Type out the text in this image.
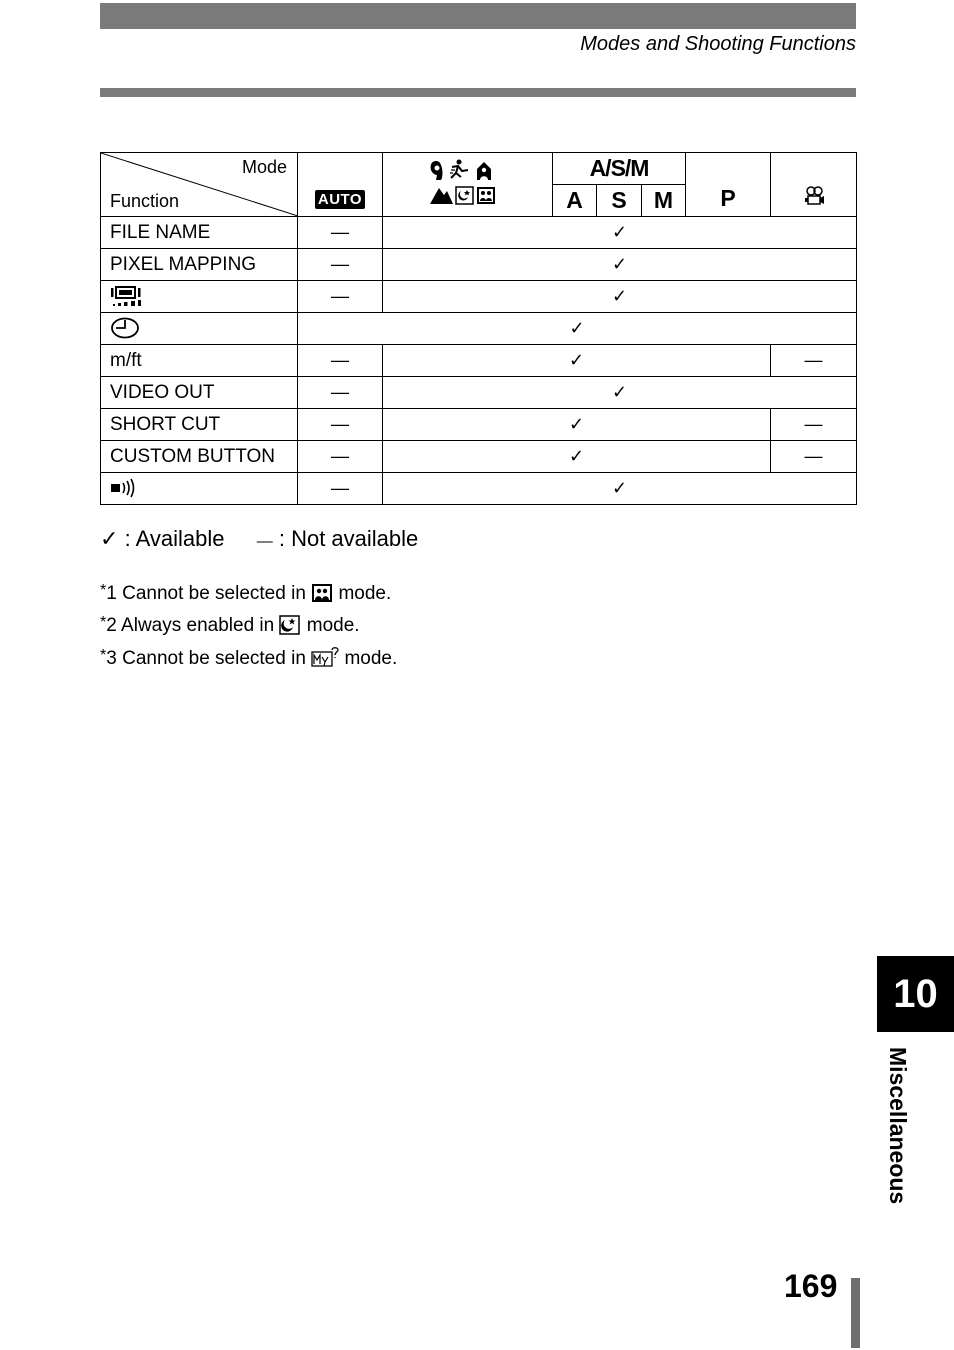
Modes and Shooting Functions
Mode
Function	AUTO		A/S/M			P	
			A	S	M		
FILE NAME	—	✓					
PIXEL MAPPING	—	✓					
	—	✓					
	✓						
m/ft	—	✓					—
VIDEO OUT	—	✓					
SHORT CUT	—	✓					—
CUSTOM BUTTON	—	✓					—
	—	✓					
✓ : Available — : Not available
*1 Cannot be selected in mode.
*2 Always enabled in mode.
*3 Cannot be selected in mode.
10
Miscellaneous
169
